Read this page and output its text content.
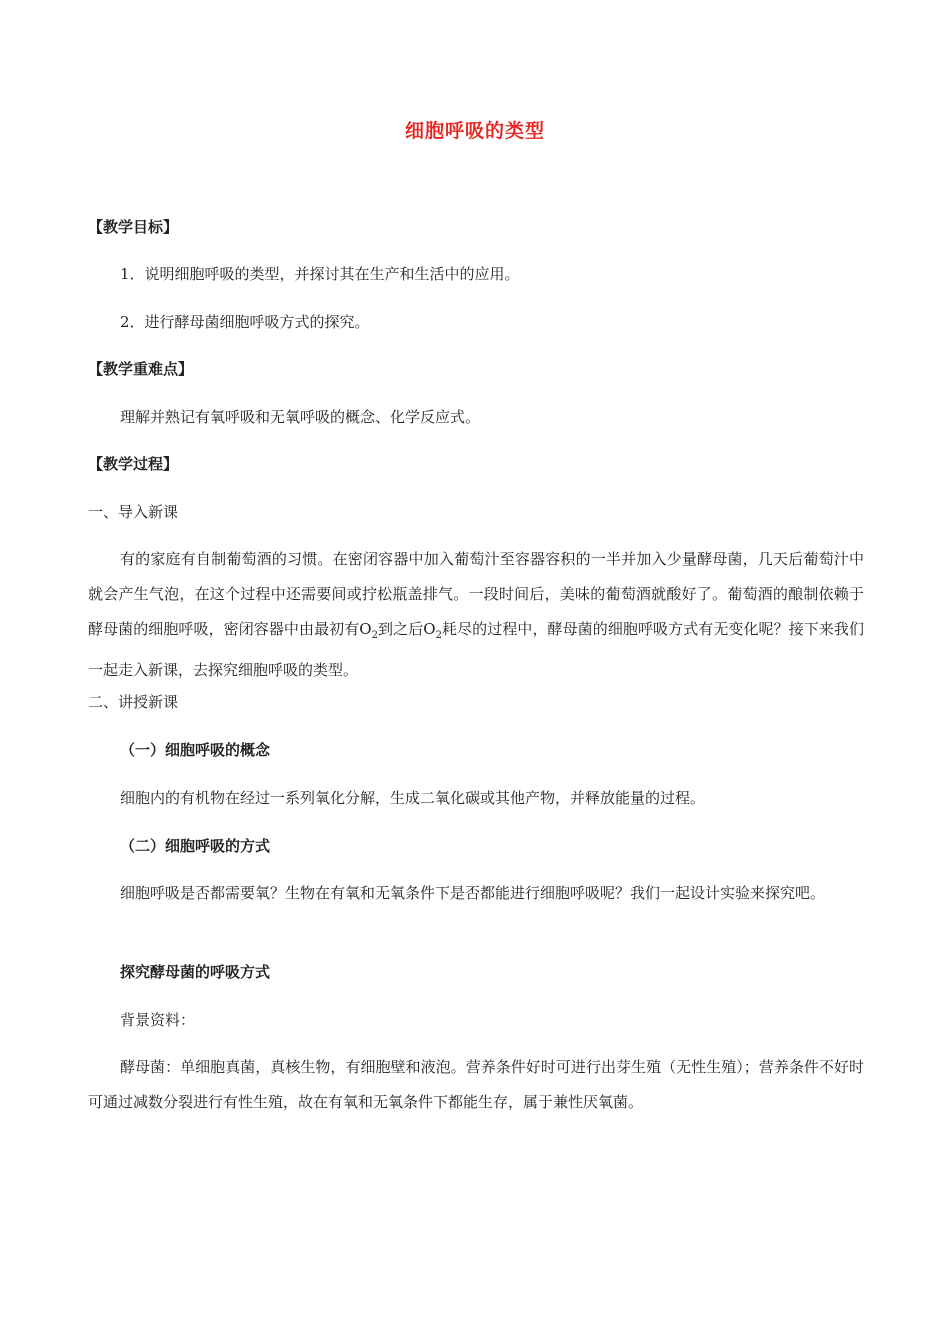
细胞呼吸的类型
【教学目标】
1．说明细胞呼吸的类型，并探讨其在生产和生活中的应用。
2．进行酵母菌细胞呼吸方式的探究。
【教学重难点】
理解并熟记有氧呼吸和无氧呼吸的概念、化学反应式。
【教学过程】
一、导入新课
有的家庭有自制葡萄酒的习惯。在密闭容器中加入葡萄汁至容器容积的一半并加入少量酵母菌，几天后葡萄汁中就会产生气泡，在这个过程中还需要间或拧松瓶盖排气。一段时间后，美味的葡萄酒就酸好了。葡萄酒的酿制依赖于酵母菌的细胞呼吸，密闭容器中由最初有$O_2$到之后$O_2$耗尽的过程中，酵母菌的细胞呼吸方式有无变化呢？接下来我们一起走入新课，去探究细胞呼吸的类型。
二、讲授新课
（一）细胞呼吸的概念
细胞内的有机物在经过一系列氧化分解，生成二氧化碳或其他产物，并释放能量的过程。
（二）细胞呼吸的方式
细胞呼吸是否都需要氧？生物在有氧和无氧条件下是否都能进行细胞呼吸呢？我们一起设计实验来探究吧。
探究酵母菌的呼吸方式
背景资料：
酵母菌：单细胞真菌，真核生物，有细胞壁和液泡。营养条件好时可进行出芽生殖（无性生殖）；营养条件不好时可通过减数分裂进行有性生殖，故在有氧和无氧条件下都能生存，属于兼性厌氧菌。
